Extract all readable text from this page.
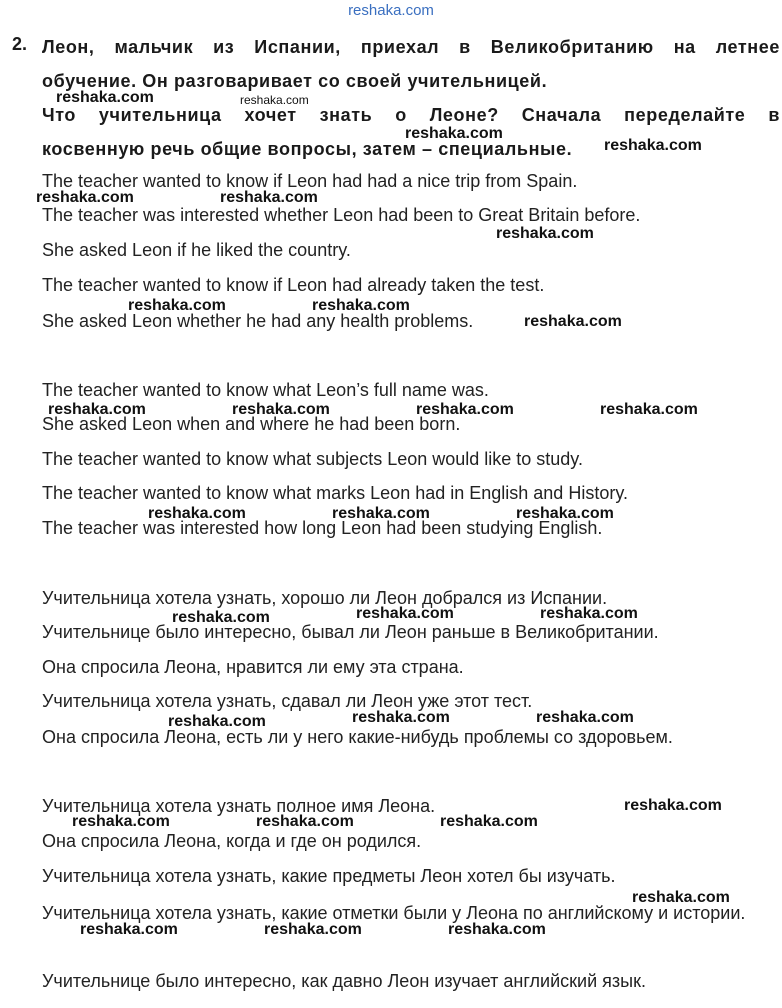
reshaka.com
2. Леон, мальчик из Испании, приехал в Великобританию на летнее
обучение. Он разговаривает со своей учительницей.
Что учительница хочет знать о Леоне? Сначала переделайте в
косвенную речь общие вопросы, затем – специальные.
The teacher wanted to know if Leon had had a nice trip from Spain.
The teacher was interested whether Leon had been to Great Britain before.
She asked Leon if he liked the country.
The teacher wanted to know if Leon had already taken the test.
She asked Leon whether he had any health problems.
The teacher wanted to know what Leon’s full name was.
She asked Leon when and where he had been born.
The teacher wanted to know what subjects Leon would like to study.
The teacher wanted to know what marks Leon had in English and History.
The teacher was interested how long Leon had been studying English.
Учительница хотела узнать, хорошо ли Леон добрался из Испании.
Учительнице было интересно, бывал ли Леон раньше в Великобритании.
Она спросила Леона, нравится ли ему эта страна.
Учительница хотела узнать, сдавал ли Леон уже этот тест.
Она спросила Леона, есть ли у него какие-нибудь проблемы со здоровьем.
Учительница хотела узнать полное имя Леона.
Она спросила Леона, когда и где он родился.
Учительница хотела узнать, какие предметы Леон хотел бы изучать.
Учительница хотела узнать, какие отметки были у Леона по английскому и истории.
Учительнице было интересно, как давно Леон изучает английский язык.
reshaka.com	reshaka.com
reshaka.com
reshaka.com
reshaka.com	reshaka.com
reshaka.com
reshaka.com	reshaka.com
reshaka.com
reshaka.com	reshaka.com	reshaka.com	reshaka.com
reshaka.com	reshaka.com	reshaka.com
reshaka.com	reshaka.com	reshaka.com
reshaka.com	reshaka.com	reshaka.com
reshaka.com
reshaka.com	reshaka.com	reshaka.com
reshaka.com
reshaka.com	reshaka.com	reshaka.com
